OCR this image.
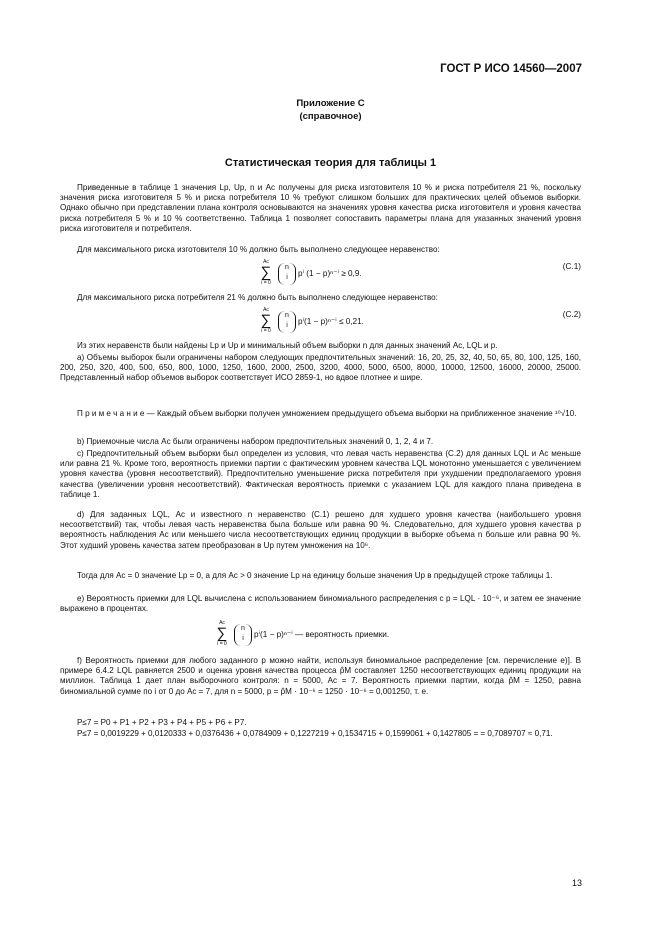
ГОСТ Р ИСО 14560—2007
Приложение С
(справочное)
Статистическая теория для таблицы 1
Приведенные в таблице 1 значения Lp, Up, n и Ас получены для риска изготовителя 10 % и риска потребителя 21 %, поскольку значения риска изготовителя 5 % и риска потребителя 10 % требуют слишком больших для практических целей объемов выборки. Однако обычно при представлении плана контроля основываются на значениях уровня качества риска изготовителя и уровня качества риска потребителя 5 % и 10 % соответственно. Таблица 1 позволяет сопоставить параметры плана для указанных значений уровня риска изготовителя и потребителя.
Для максимального риска изготовителя 10 % должно быть выполнено следующее неравенство:
Ac
∑
i = 0
n
i	pⁱ (1 − p)ⁿ⁻ⁱ ≥ 0,9.
(С.1)
Для максимального риска потребителя 21 % должно быть выполнено следующее неравенство:
Ac
∑
i = 0
n
i	pⁱ(1 − p)ⁿ⁻ⁱ ≤ 0,21.
(С.2)
Из этих неравенств были найдены Lp и Up и минимальный объем выборки n для данных значений Ас, LQL и p.
а) Объемы выборок были ограничены набором следующих предпочтительных значений: 16, 20, 25, 32, 40, 50, 65, 80, 100, 125, 160, 200, 250, 320, 400, 500, 650, 800, 1000, 1250, 1600, 2000, 2500, 3200, 4000, 5000, 6500, 8000, 10000, 12500, 16000, 20000, 25000. Представленный набор объемов выборок соответствует ИСО 2859-1, но вдвое плотнее и шире.
П р и м е ч а н и е — Каждый объем выборки получен умножением предыдущего объема выборки на приближенное значение ¹⁰√10.
b) Приемочные числа Ас были ограничены набором предпочтительных значений 0, 1, 2, 4 и 7.
с) Предпочтительный объем выборки был определен из условия, что левая часть неравенства (С.2) для данных LQL и Ас меньше или равна 21 %. Кроме того, вероятность приемки партии с фактическим уровнем качества LQL монотонно уменьшается с увеличением уровня качества (уровня несоответствий). Предпочтительно уменьшение риска потребителя при ухудшении предполагаемого уровня качества (увеличении уровня несоответствий). Фактическая вероятность приемки с указанием LQL для каждого плана приведена в таблице 1.
d) Для заданных LQL, Ас и известного n неравенство (С.1) решено для худшего уровня качества (наибольшего уровня несоответствий) так, чтобы левая часть неравенства была больше или равна 90 %. Следовательно, для худшего уровня качества p вероятность наблюдения Ас или меньшего числа несоответствующих единиц продукции в выборке объема n больше или равна 90 %. Этот худший уровень качества затем преобразован в Up путем умножения на 10⁶.
Тогда для Ас = 0 значение Lp = 0, а для Ас > 0 значение Lp на единицу больше значения Up в предыдущей строке таблицы 1.
е) Вероятность приемки для LQL вычислена с использованием биномиального распределения с p = LQL · 10⁻⁶, и затем ее значение выражено в процентах.
Ac
∑
i = 0
n
i	pⁱ(1 − p)ⁿ⁻ⁱ — вероятность приемки.
f) Вероятность приемки для любого заданного p можно найти, используя биномиальное распределение [см. перечисление е)]. В примере 6.4.2 LQL равняется 2500 и оценка уровня качества процесса p̂M составляет 1250 несоответствующих единиц продукции на миллион. Таблица 1 дает план выборочного контроля: n = 5000, Ас = 7. Вероятность приемки партии, когда p̂M = 1250, равна биномиальной сумме по i от 0 до Ас = 7, для n = 5000, p = p̂M · 10⁻⁶ = 1250 · 10⁻⁶ = 0,001250, т. е.
P≤7 = P0 + P1 + P2 + P3 + P4 + P5 + P6 + P7.
P≤7 = 0,0019229 + 0,0120333 + 0,0376436 + 0,0784909 + 0,1227219 + 0,1534715 + 0,1599061 + 0,1427805 = = 0,7089707 ≈ 0,71.
13
